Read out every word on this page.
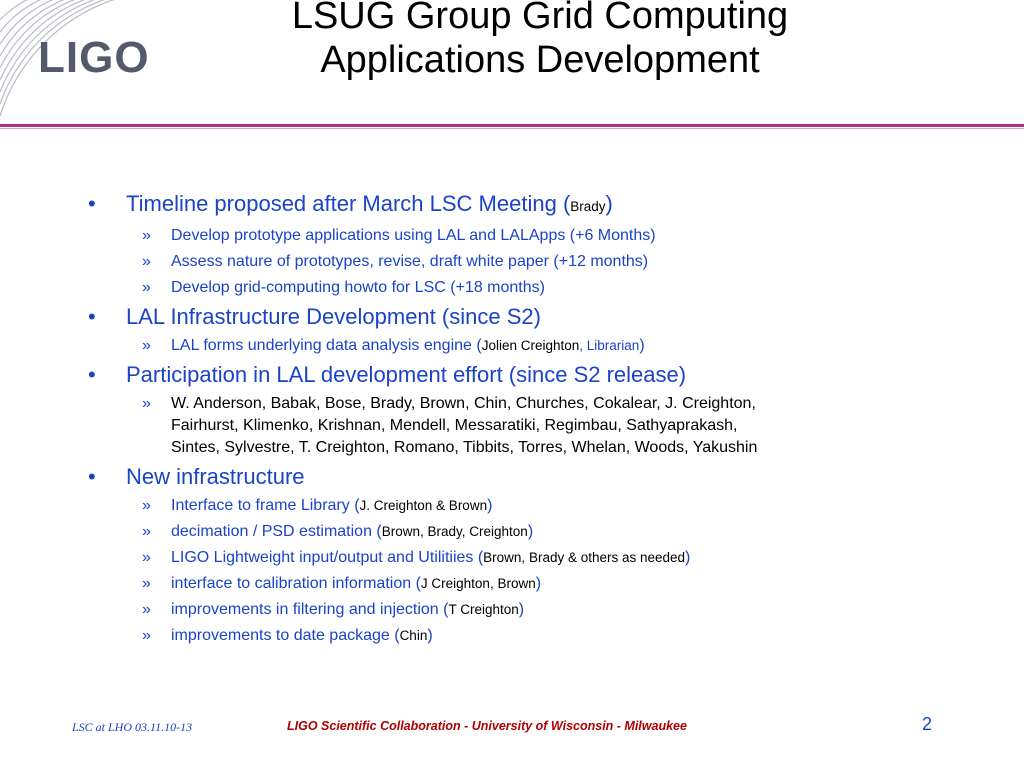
LIGO
LSUG Group Grid Computing
Applications Development
• Timeline proposed after March LSC Meeting (Brady)
» Develop prototype applications using LAL and LALApps (+6 Months)
» Assess nature of prototypes, revise, draft white paper (+12 months)
» Develop grid-computing howto for LSC (+18 months)
• LAL Infrastructure Development (since S2)
» LAL forms underlying data analysis engine (Jolien Creighton, Librarian)
• Participation in LAL development effort (since S2 release)
» W. Anderson, Babak, Bose, Brady, Brown, Chin, Churches, Cokalear, J. Creighton,
Fairhurst, Klimenko, Krishnan, Mendell, Messaratiki, Regimbau, Sathyaprakash,
Sintes, Sylvestre, T. Creighton, Romano, Tibbits, Torres, Whelan, Woods, Yakushin
• New infrastructure
» Interface to frame Library (J. Creighton & Brown)
» decimation / PSD estimation (Brown, Brady, Creighton)
» LIGO Lightweight input/output and Utilitiies (Brown, Brady & others as needed)
» interface to calibration information (J Creighton, Brown)
» improvements in filtering and injection (T Creighton)
» improvements to date package (Chin)
LSC at LHO 03.11.10-13	LIGO Scientific Collaboration - University of Wisconsin - Milwaukee	2
